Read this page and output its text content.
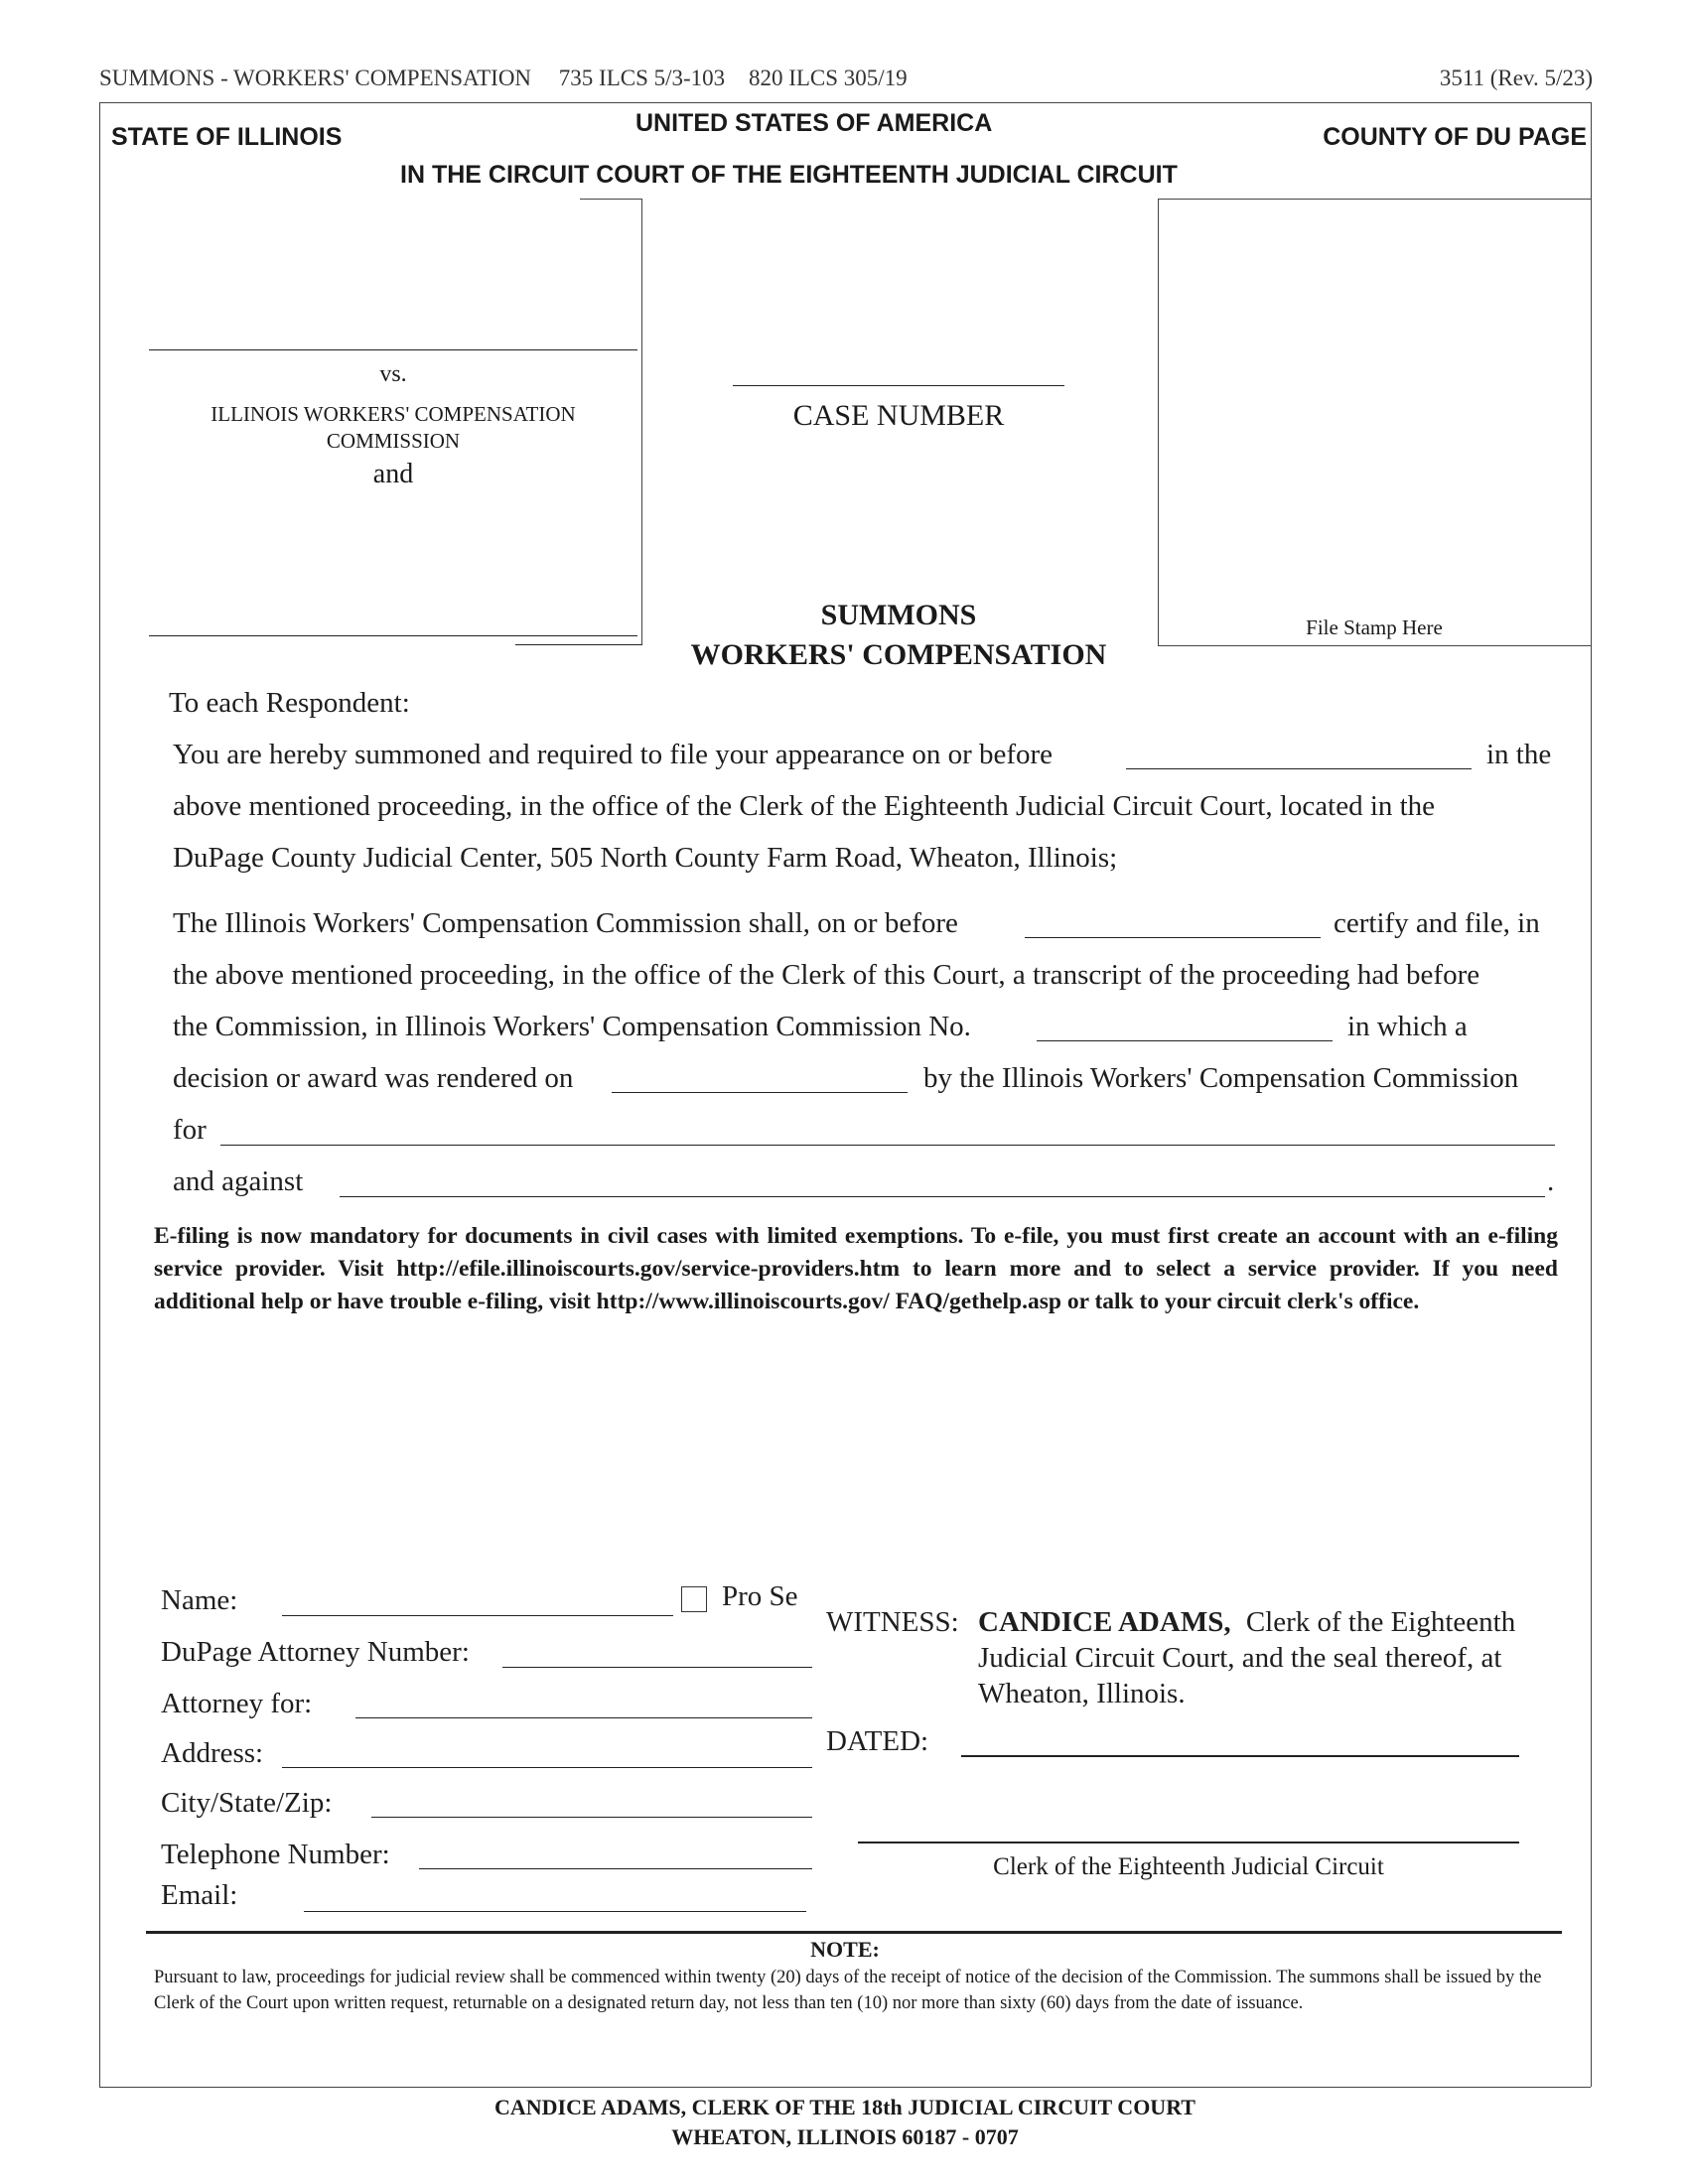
SUMMONS - WORKERS' COMPENSATION 735 ILCS 5/3-103 820 ILCS 305/19	3511 (Rev. 5/23)
STATE OF ILLINOIS	UNITED STATES OF AMERICA	COUNTY OF DU PAGE
IN THE CIRCUIT COURT OF THE EIGHTEENTH JUDICIAL CIRCUIT
vs.
ILLINOIS WORKERS' COMPENSATION
COMMISSION
and
CASE NUMBER
File Stamp Here
SUMMONS
WORKERS' COMPENSATION
To each Respondent:
You are hereby summoned and required to file your appearance on or before	in the
above mentioned proceeding, in the office of the Clerk of the Eighteenth Judicial Circuit Court, located in the
DuPage County Judicial Center, 505 North County Farm Road, Wheaton, Illinois;
The Illinois Workers' Compensation Commission shall, on or before	certify and file, in
the above mentioned proceeding, in the office of the Clerk of this Court, a transcript of the proceeding had before
the Commission, in Illinois Workers' Compensation Commission No.	in which a
decision or award was rendered on	by the Illinois Workers' Compensation Commission
for
and against	.
E-filing is now mandatory for documents in civil cases with limited exemptions. To e-file, you must first create an account with an e-filing service provider. Visit http://efile.illinoiscourts.gov/service-providers.htm to learn more and to select a service provider. If you need additional help or have trouble e-filing, visit http://www.illinoiscourts.gov/ FAQ/gethelp.asp or talk to your circuit clerk's office.
Name:	Pro Se
DuPage Attorney Number:
Attorney for:
Address:
City/State/Zip:
Telephone Number:
Email:
WITNESS: CANDICE ADAMS, Clerk of the Eighteenth
Judicial Circuit Court, and the seal thereof, at
Wheaton, Illinois.
DATED:
Clerk of the Eighteenth Judicial Circuit
NOTE:
Pursuant to law, proceedings for judicial review shall be commenced within twenty (20) days of the receipt of notice of the decision of the Commission. The summons shall be issued by the Clerk of the Court upon written request, returnable on a designated return day, not less than ten (10) nor more than sixty (60) days from the date of issuance.
CANDICE ADAMS, CLERK OF THE 18th JUDICIAL CIRCUIT COURT
WHEATON, ILLINOIS 60187 - 0707
